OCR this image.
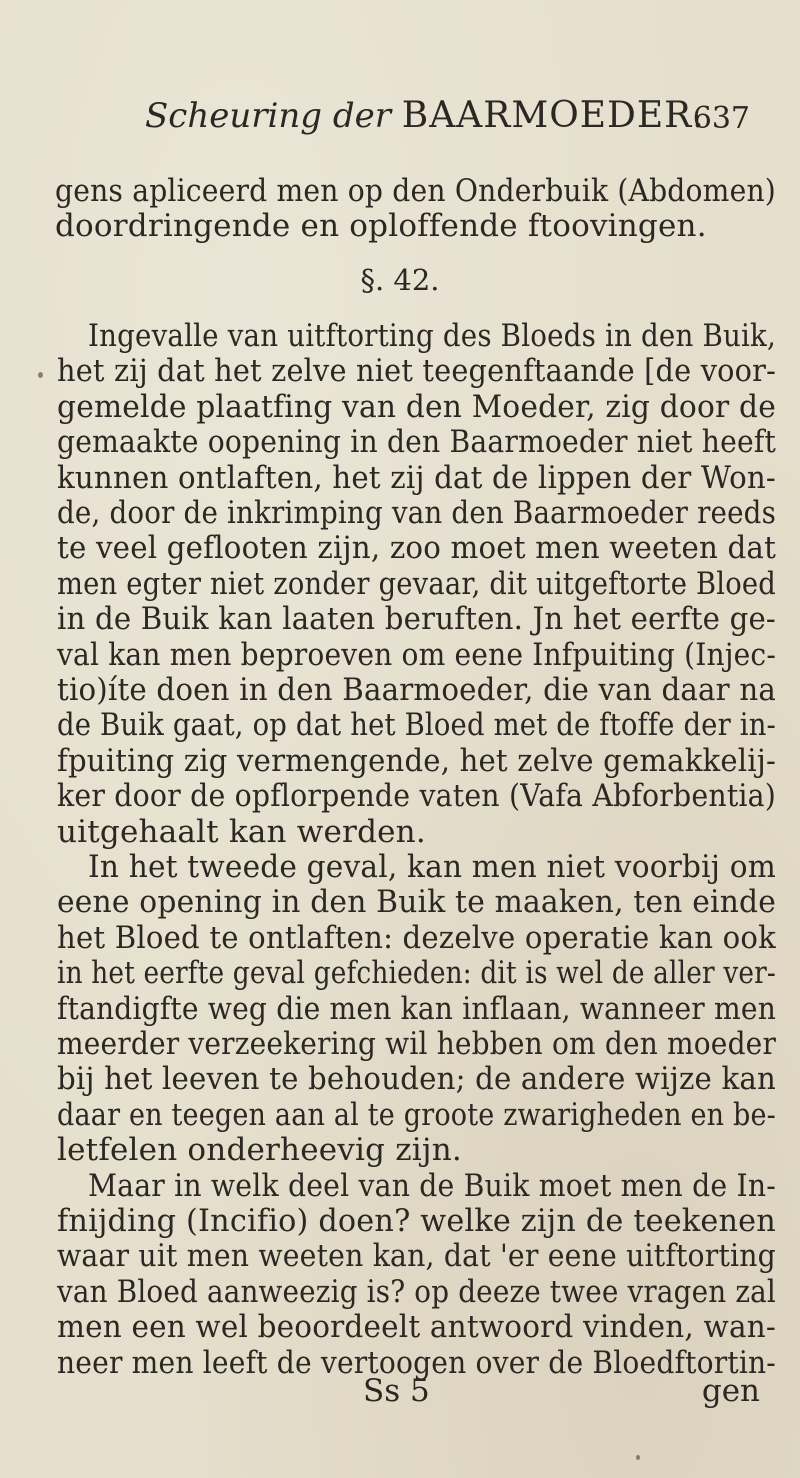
Scheuring der BAARMOEDER.
637
gens apliceerd men op den Onderbuik (Abdomen)
doordringende en oploffende ftoovingen.
§. 42.
Ingevalle van uitftorting des Bloeds in den Buik,
het zij dat het zelve niet teegenftaande [de voor-
gemelde plaatfing van den Moeder, zig door de
gemaakte oopening in den Baarmoeder niet heeft
kunnen ontlaften, het zij dat de lippen der Won-
de, door de inkrimping van den Baarmoeder reeds
te veel geflooten zijn, zoo moet men weeten dat
men egter niet zonder gevaar, dit uitgeftorte Bloed
in de Buik kan laaten beruften. Jn het eerfte ge-
val kan men beproeven om eene Infpuiting (Injec-
tio)íte doen in den Baarmoeder, die van daar na
de Buik gaat, op dat het Bloed met de ftoffe der in-
fpuiting zig vermengende, het zelve gemakkelij-
ker door de opflorpende vaten (Vafa Abforbentia)
uitgehaalt kan werden.
In het tweede geval, kan men niet voorbij om
eene opening in den Buik te maaken, ten einde
het Bloed te ontlaften: dezelve operatie kan ook
in het eerfte geval gefchieden: dit is wel de aller ver-
ftandigfte weg die men kan inflaan, wanneer men
meerder verzeekering wil hebben om den moeder
bij het leeven te behouden; de andere wijze kan
daar en teegen aan al te groote zwarigheden en be-
letfelen onderheevig zijn.
Maar in welk deel van de Buik moet men de In-
fnijding (Incifio) doen? welke zijn de teekenen
waar uit men weeten kan, dat 'er eene uitftorting
van Bloed aanweezig is? op deeze twee vragen zal
men een wel beoordeelt antwoord vinden, wan-
neer men leeft de vertoogen over de Bloedftortin-
Ss 5	gen
